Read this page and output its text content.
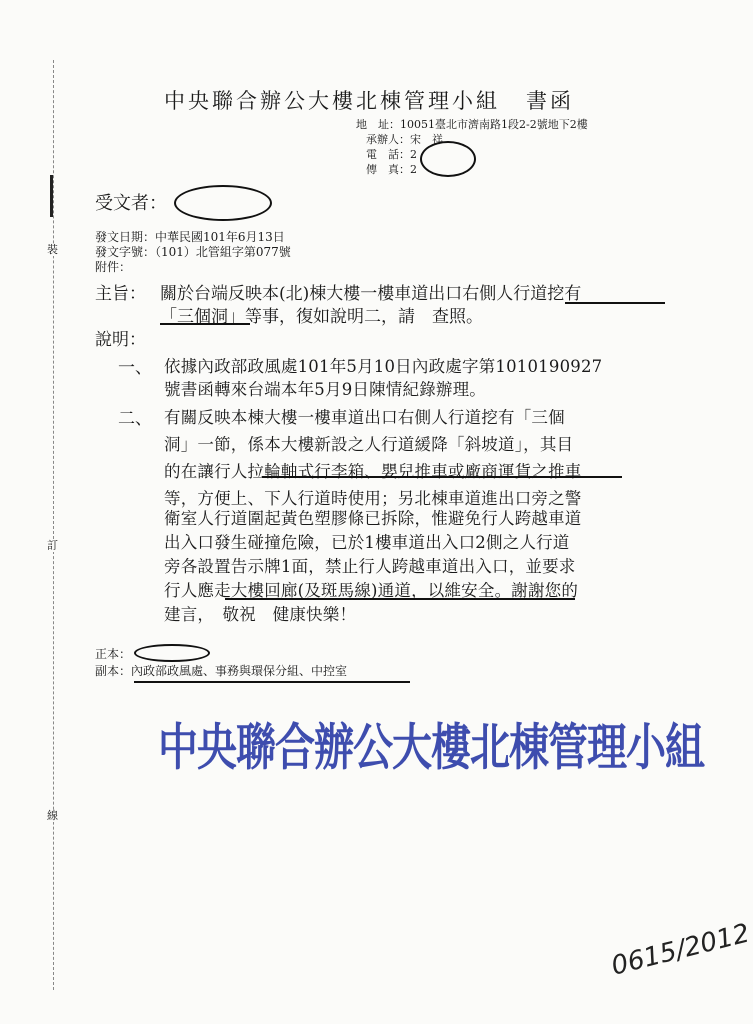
裝
訂
線
中央聯合辦公大樓北棟管理小組 書函
地　址：10051臺北市濟南路1段2-2號地下2樓
承辦人：宋　祥
電　話：2
傳　真：2
受文者：
發文日期：中華民國101年6月13日
發文字號：（101）北管組字第077號
附件：
主旨： 關於台端反映本(北)棟大樓一樓車道出口右側人行道挖有
「三個洞」等事，復如說明二，請　查照。
說明：
一、 依據內政部政風處101年5月10日內政處字第1010190927
號書函轉來台端本年5月9日陳情紀錄辦理。
二、 有關反映本棟大樓一樓車道出口右側人行道挖有「三個
洞」一節，係本大樓新設之人行道緩降「斜坡道」，其目
的在讓行人拉輪軸式行李箱、嬰兒推車或廠商運貨之推車
等，方便上、下人行道時使用；另北棟車道進出口旁之警
衛室人行道圍起黃色塑膠條已拆除，惟避免行人跨越車道
出入口發生碰撞危險，已於1樓車道出入口2側之人行道
旁各設置告示牌1面，禁止行人跨越車道出入口，並要求
行人應走大樓回廊(及斑馬線)通道，以維安全。謝謝您的
建言，　敬祝　健康快樂！
正本：
副本：內政部政風處、事務與環保分組、中控室
中央聯合辦公大樓北棟管理小組
0615/2012
